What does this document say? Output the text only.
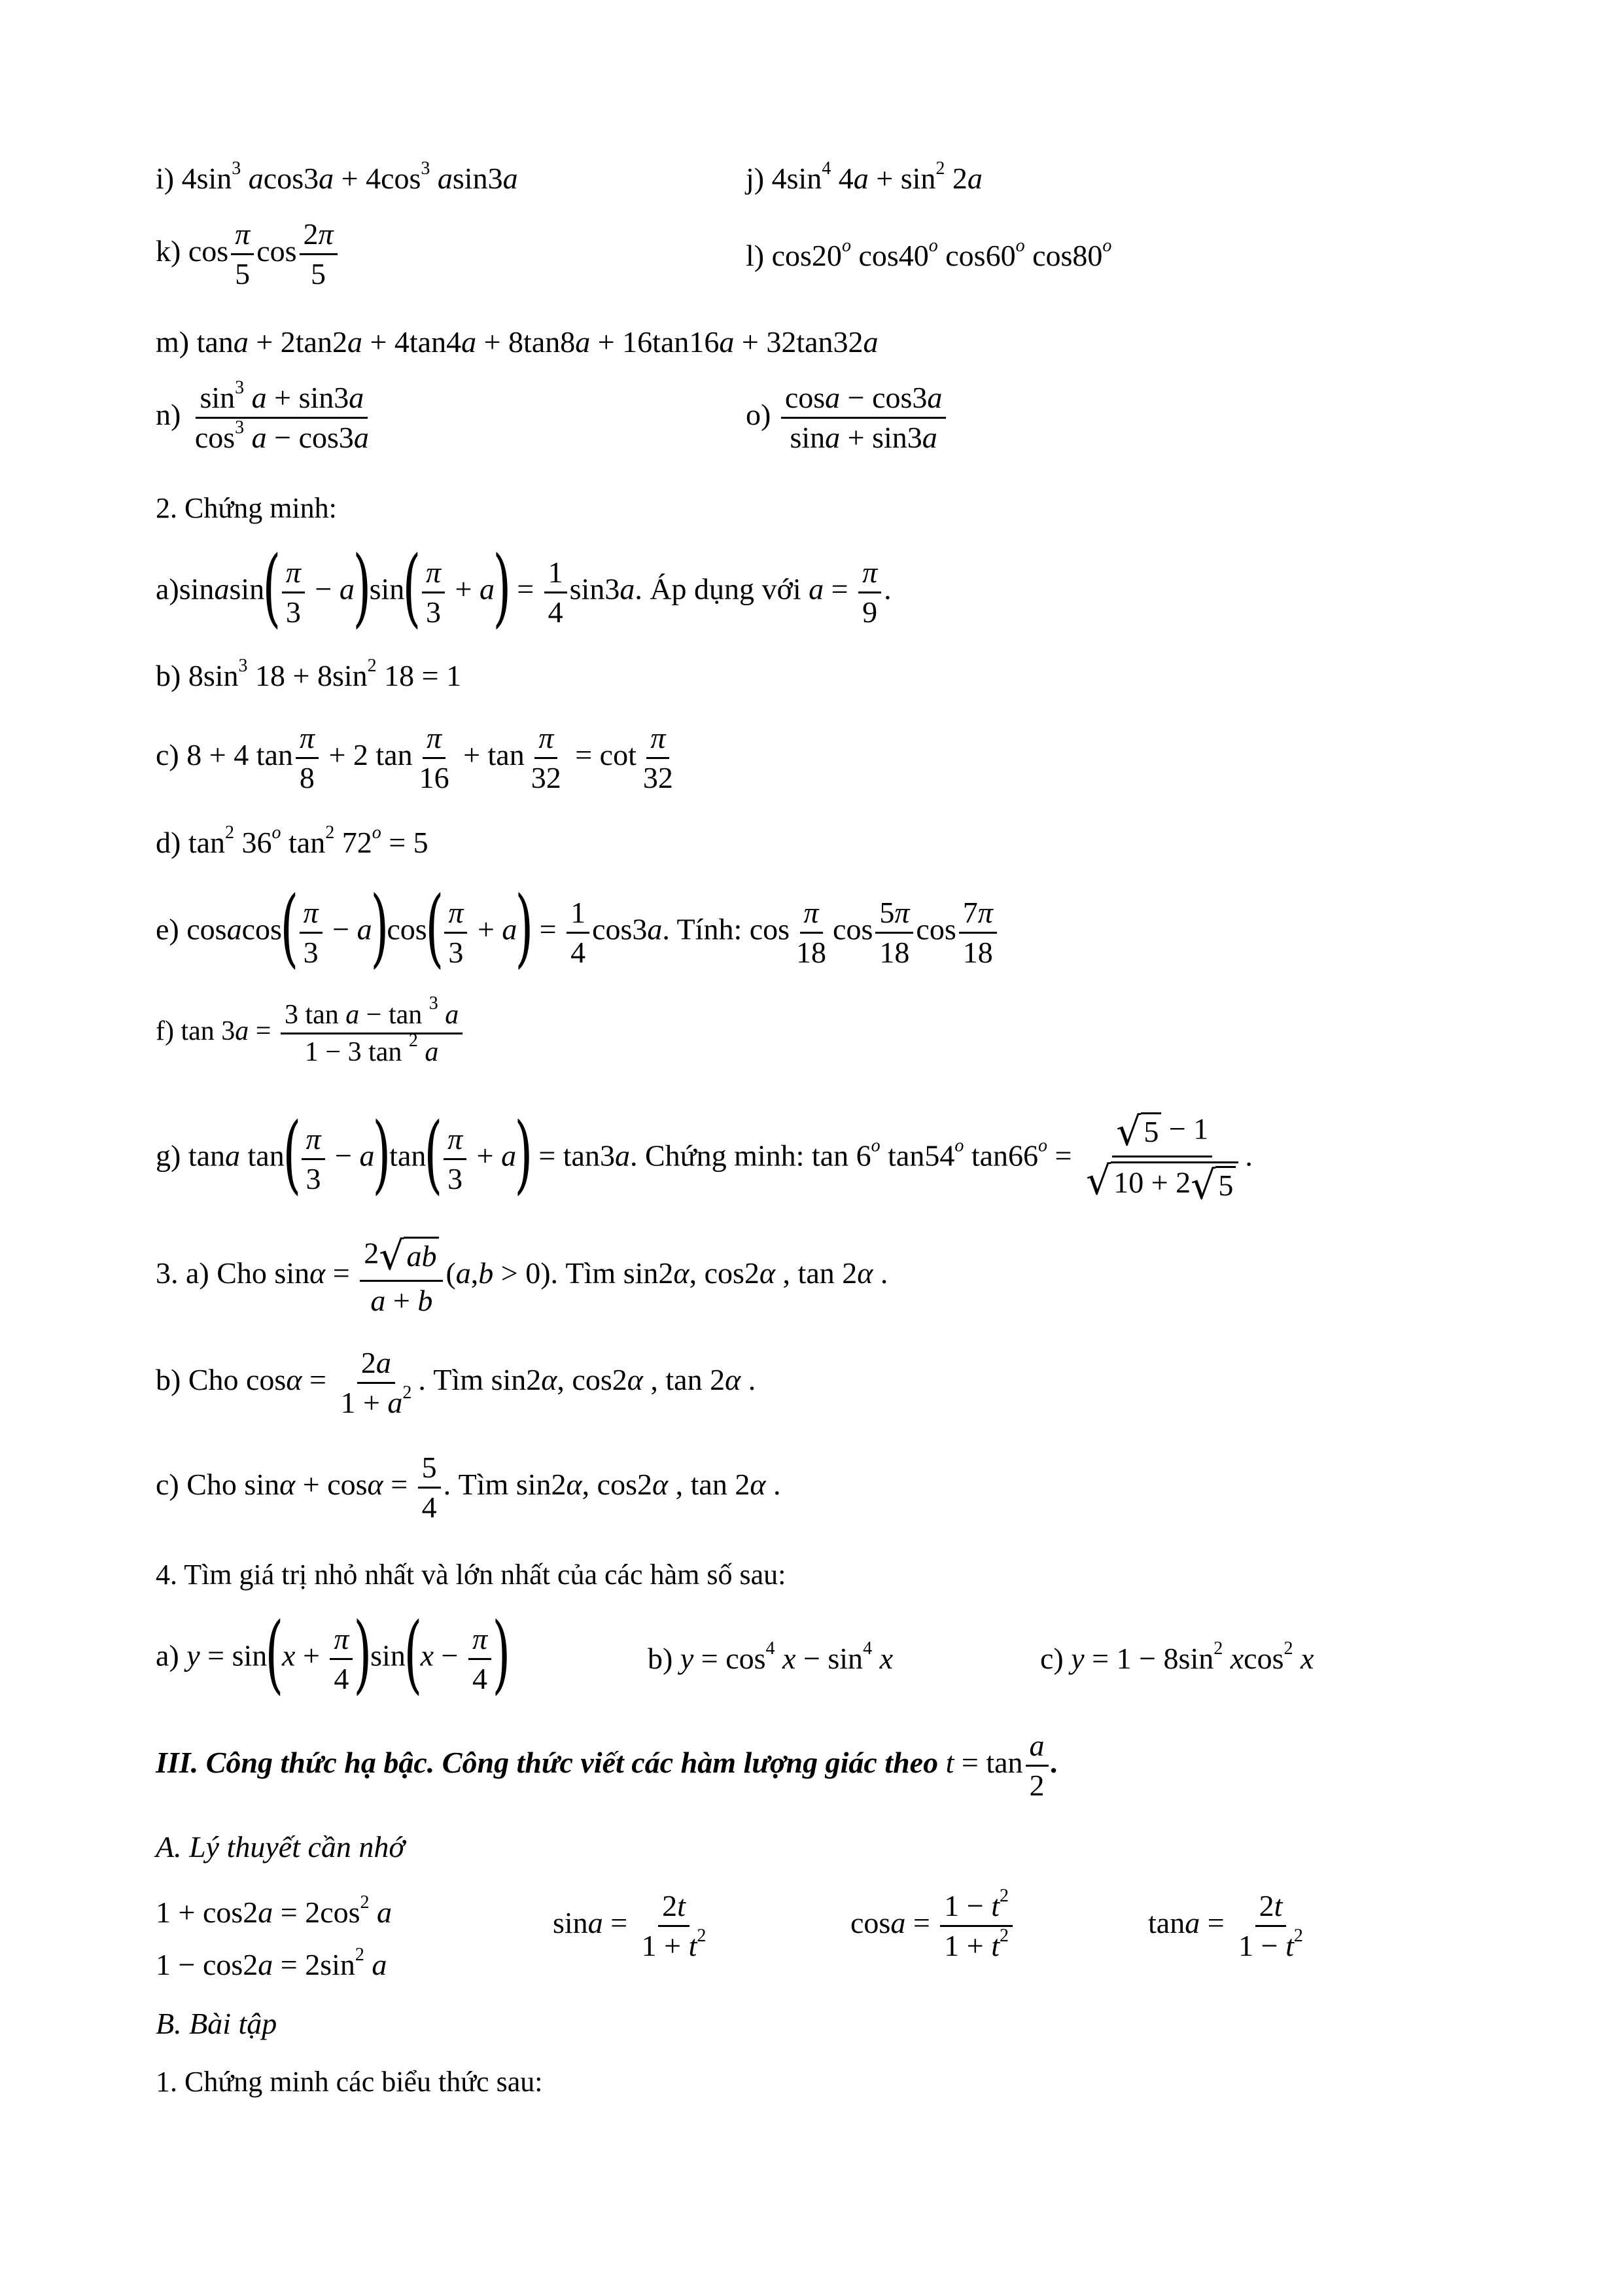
i) $4\sin^3$ $acos3a + 4\cos^3$ asin3a	j) $4\sin^4$ $4a + \sin^2 2a$
k) $\cos \frac{\pi}{5}$ $\cos \frac{2\pi}{5}$	l) cos20$^o$ cos40$^o$ cos60$^o$ cos80$^o$
m) tana + 2tan2a + 4tan4a + 8tan8a + 16tan16a + 32tan32a
$n) \frac{\sin^3 a + \sin 3a}{\cos^3 a - \cos 3a}$	$o) \frac{\cos a - \cos 3a}{\sin a + \sin 3a}$
2. Chứng minh:
a)sinasin( $\frac{\pi}{3} - a)\sin( \frac{\pi}{3} + a) = \frac{1}{4} \sin 3a$. Áp dụng với $a = \frac{\pi}{9}$ .
b) $8\sin^3$ $18 + 8\sin^2$ 18 = 1
c) 8 + 4 $\tan \frac{\pi}{8} + 2$ $\tan \frac{\pi}{16} + \tan \frac{\pi}{32} = \cot \frac{\pi}{32}$
d) $\tan^2 36^o$ $\tan^2 72^o = 5$
e) cosacos( $\frac{\pi}{3} - a)\cos( \frac{\pi}{3} + a) = \frac{1}{4} \cos 3a$. Tính: $\cos \frac{\pi}{18}$ $\cos \frac{5\pi}{18}$ $\cos \frac{7\pi}{18}$
f) $\tan 3a = \frac{3 \tan a - \tan ^3 a}{1 - 3 \tan ^2 a}$
g) tana $\tan( \frac{\pi}{3} - a)\tan( \frac{\pi}{3} + a) = \tan 3a$. Chứng minh: tan 6$^o$ tan54$^o$ $\tan 66^o = \frac{√ 5 - 1}{√ 10 + 2 √ 5}$ .
3. a) Cho $\sin\alpha = \frac{2 √ ab}{a + b} (a,b > 0)$. Tìm sin2α, cos2α , tan 2α .
b) Cho $\cos\alpha = \frac{2a}{1 + a^2}$ . Tìm sin2α, cos2α , tan 2α .
c) Cho $\sin\alpha + \cos\alpha = \frac{5}{4}$ . Tìm sin2α, cos2α , tan 2α .
4. Tìm giá trị nhỏ nhất và lớn nhất của các hàm số sau:
a) $y = \sin(x + \frac{\pi}{4} )\sin(x - \frac{\pi}{4}$ )	b) $y = \cos^4 x - \sin^4 x$	c) $y = 1 - 8\sin^2$ xcos$^2$ x
III. Công thức hạ bậc. Công thức viết các hàm lượng giác theo $t = \tan \frac{a}{2}$ .
A. Lý thuyết cần nhớ
$1 + \cos 2a = 2\cos^2$ a
$1 - \cos 2a = 2\sin^2$ a
$\sin a = \frac{2t}{1 + t^2}$	$\cos a = \frac{1 - t^2}{1 + t^2}$	$\tan a = \frac{2t}{1 - t^2}$
B. Bài tập
1. Chứng minh các biểu thức sau:
